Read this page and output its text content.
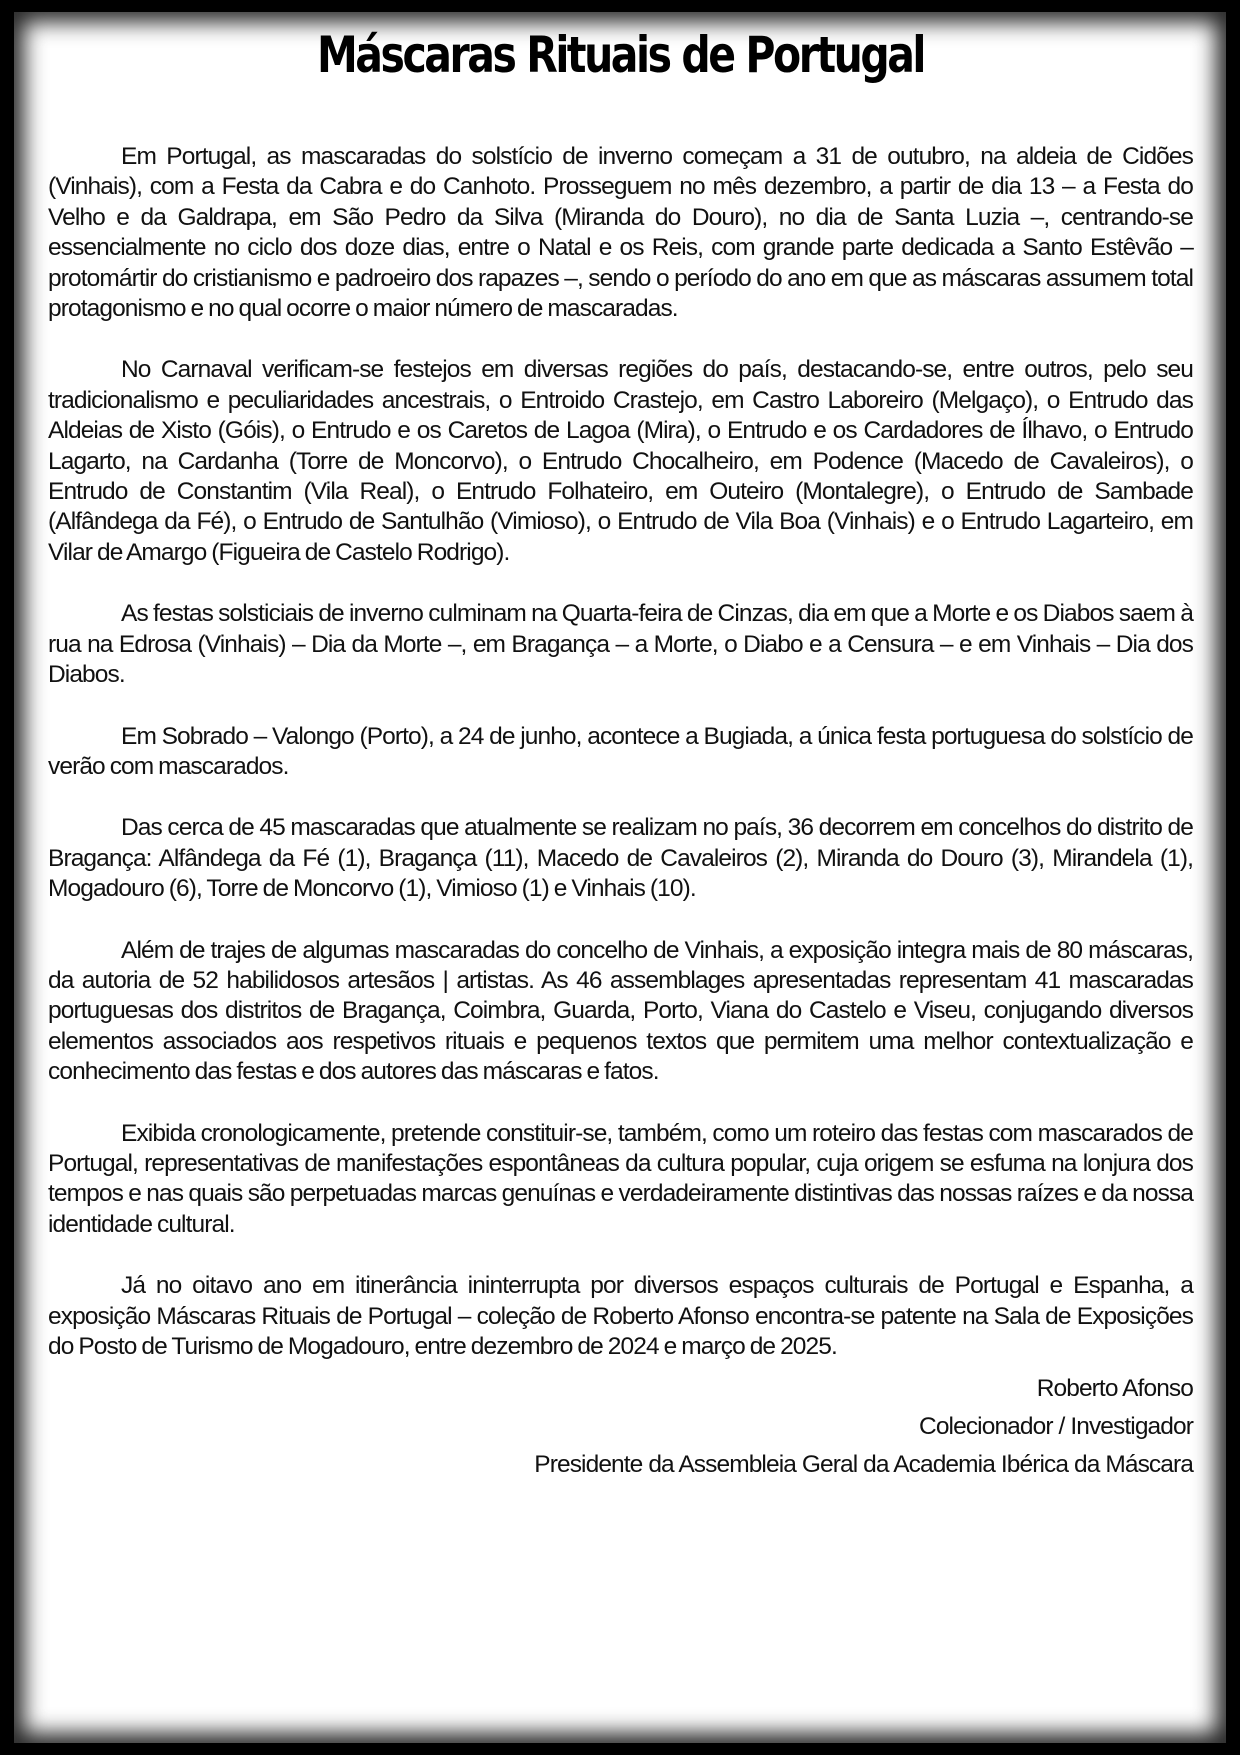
Máscaras Rituais de Portugal

Em Portugal, as mascaradas do solstício de inverno começam a 31 de outubro, na aldeia de Cidões (Vinhais), com a Festa da Cabra e do Canhoto. Prosseguem no mês dezembro, a partir de dia 13 – a Festa do Velho e da Galdrapa, em São Pedro da Silva (Miranda do Douro), no dia de Santa Luzia –, centrando-se essencialmente no ciclo dos doze dias, entre o Natal e os Reis, com grande parte dedicada a Santo Estêvão – protomártir do cristianismo e padroeiro dos rapazes –, sendo o período do ano em que as máscaras assumem total protagonismo e no qual ocorre o maior número de mascaradas.

No Carnaval verificam-se festejos em diversas regiões do país, destacando-se, entre outros, pelo seu tradicionalismo e peculiaridades ancestrais, o Entroido Crastejo, em Castro Laboreiro (Melgaço), o Entrudo das Aldeias de Xisto (Góis), o Entrudo e os Caretos de Lagoa (Mira), o Entrudo e os Cardadores de Ílhavo, o Entrudo Lagarto, na Cardanha (Torre de Moncorvo), o Entrudo Chocalheiro, em Podence (Macedo de Cavaleiros), o Entrudo de Constantim (Vila Real), o Entrudo Folhateiro, em Outeiro (Montalegre), o Entrudo de Sambade (Alfândega da Fé), o Entrudo de Santulhão (Vimioso), o Entrudo de Vila Boa (Vinhais) e o Entrudo Lagarteiro, em Vilar de Amargo (Figueira de Castelo Rodrigo).

As festas solsticiais de inverno culminam na Quarta-feira de Cinzas, dia em que a Morte e os Diabos saem à rua na Edrosa (Vinhais) – Dia da Morte –, em Bragança – a Morte, o Diabo e a Censura – e em Vinhais – Dia dos Diabos.

Em Sobrado – Valongo (Porto), a 24 de junho, acontece a Bugiada, a única festa portuguesa do solstício de verão com mascarados.

Das cerca de 45 mascaradas que atualmente se realizam no país, 36 decorrem em concelhos do distrito de Bragança: Alfândega da Fé (1), Bragança (11), Macedo de Cavaleiros (2), Miranda do Douro (3), Mirandela (1), Mogadouro (6), Torre de Moncorvo (1), Vimioso (1) e Vinhais (10).

Além de trajes de algumas mascaradas do concelho de Vinhais, a exposição integra mais de 80 máscaras, da autoria de 52 habilidosos artesãos | artistas. As 46 assemblages apresentadas representam 41 mascaradas portuguesas dos distritos de Bragança, Coimbra, Guarda, Porto, Viana do Castelo e Viseu, conjugando diversos elementos associados aos respetivos rituais e pequenos textos que permitem uma melhor contextualização e conhecimento das festas e dos autores das máscaras e fatos.

Exibida cronologicamente, pretende constituir-se, também, como um roteiro das festas com mascarados de Portugal, representativas de manifestações espontâneas da cultura popular, cuja origem se esfuma na lonjura dos tempos e nas quais são perpetuadas marcas genuínas e verdadeiramente distintivas das nossas raízes e da nossa identidade cultural.

Já no oitavo ano em itinerância ininterrupta por diversos espaços culturais de Portugal e Espanha, a exposição Máscaras Rituais de Portugal – coleção de Roberto Afonso encontra-se patente na Sala de Exposições do Posto de Turismo de Mogadouro, entre dezembro de 2024 e março de 2025.

Roberto Afonso
Colecionador / Investigador
Presidente da Assembleia Geral da Academia Ibérica da Máscara
